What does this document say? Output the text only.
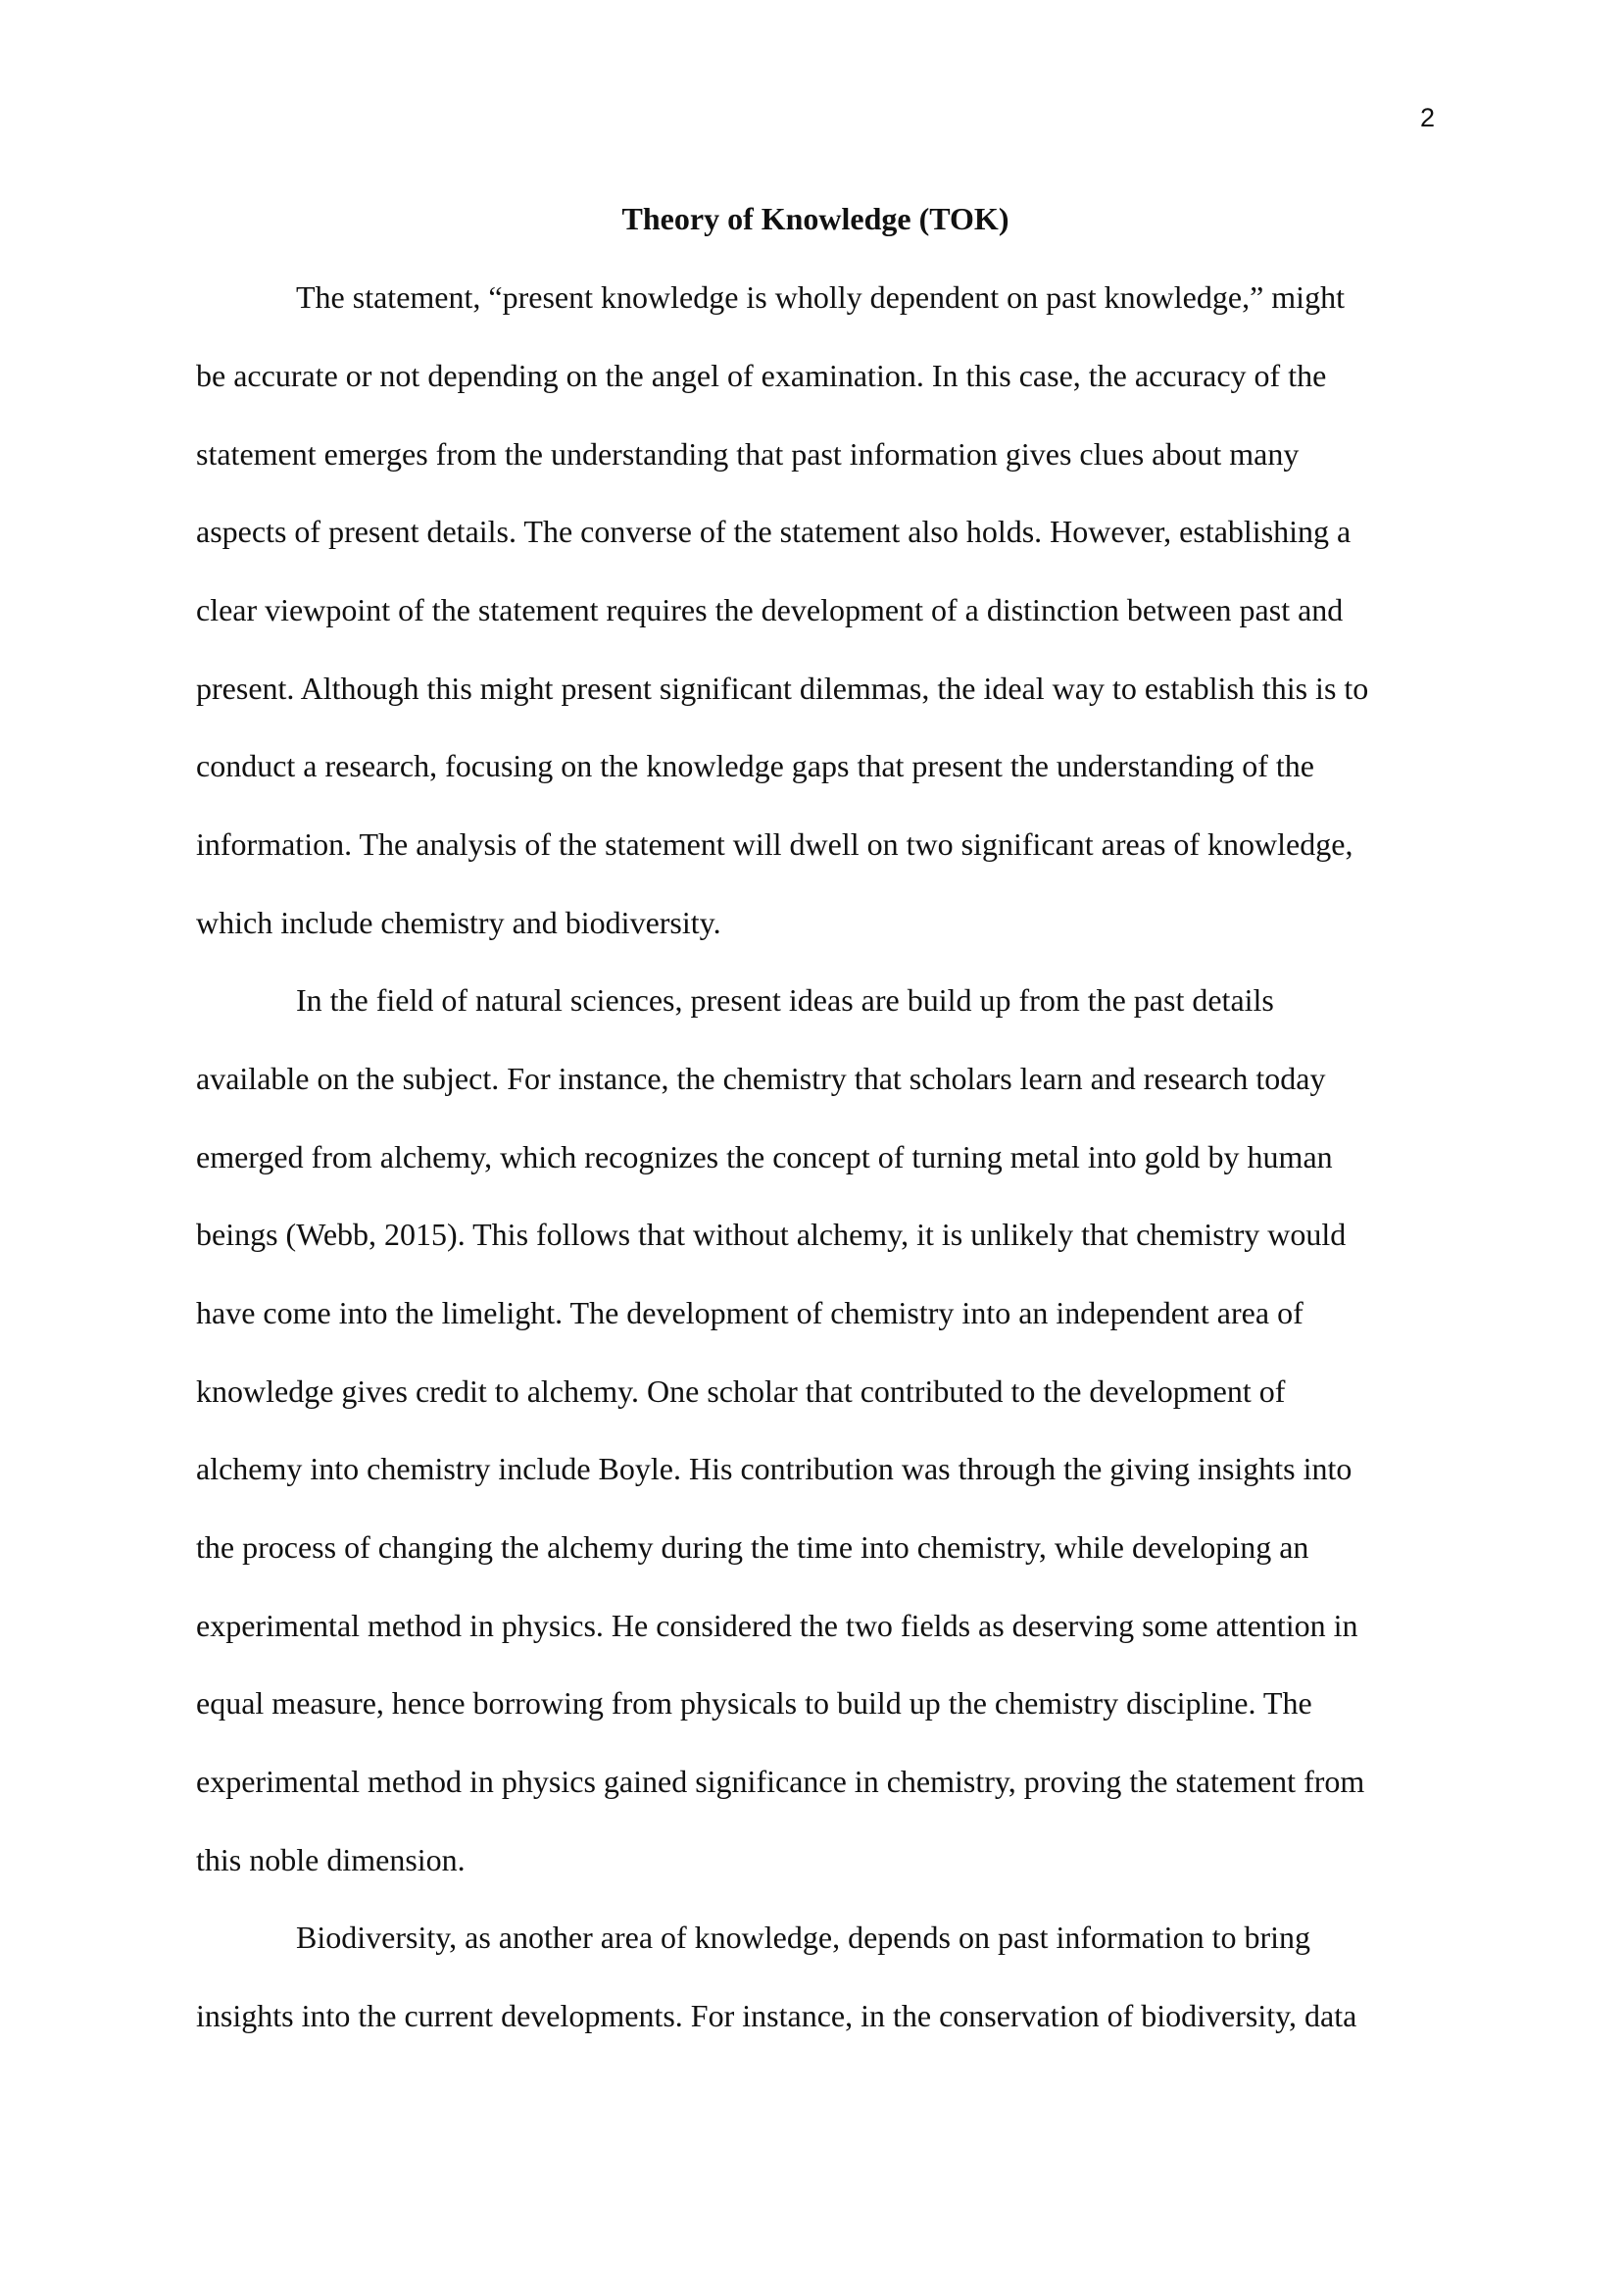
2
Theory of Knowledge (TOK)
The statement, “present knowledge is wholly dependent on past knowledge,” might
be accurate or not depending on the angel of examination. In this case, the accuracy of the
statement emerges from the understanding that past information gives clues about many
aspects of present details. The converse of the statement also holds. However, establishing a
clear viewpoint of the statement requires the development of a distinction between past and
present. Although this might present significant dilemmas, the ideal way to establish this is to
conduct a research, focusing on the knowledge gaps that present the understanding of the
information. The analysis of the statement will dwell on two significant areas of knowledge,
which include chemistry and biodiversity.
In the field of natural sciences, present ideas are build up from the past details
available on the subject. For instance, the chemistry that scholars learn and research today
emerged from alchemy, which recognizes the concept of turning metal into gold by human
beings (Webb, 2015). This follows that without alchemy, it is unlikely that chemistry would
have come into the limelight. The development of chemistry into an independent area of
knowledge gives credit to alchemy. One scholar that contributed to the development of
alchemy into chemistry include Boyle. His contribution was through the giving insights into
the process of changing the alchemy during the time into chemistry, while developing an
experimental method in physics. He considered the two fields as deserving some attention in
equal measure, hence borrowing from physicals to build up the chemistry discipline. The
experimental method in physics gained significance in chemistry, proving the statement from
this noble dimension.
Biodiversity, as another area of knowledge, depends on past information to bring
insights into the current developments. For instance, in the conservation of biodiversity, data
